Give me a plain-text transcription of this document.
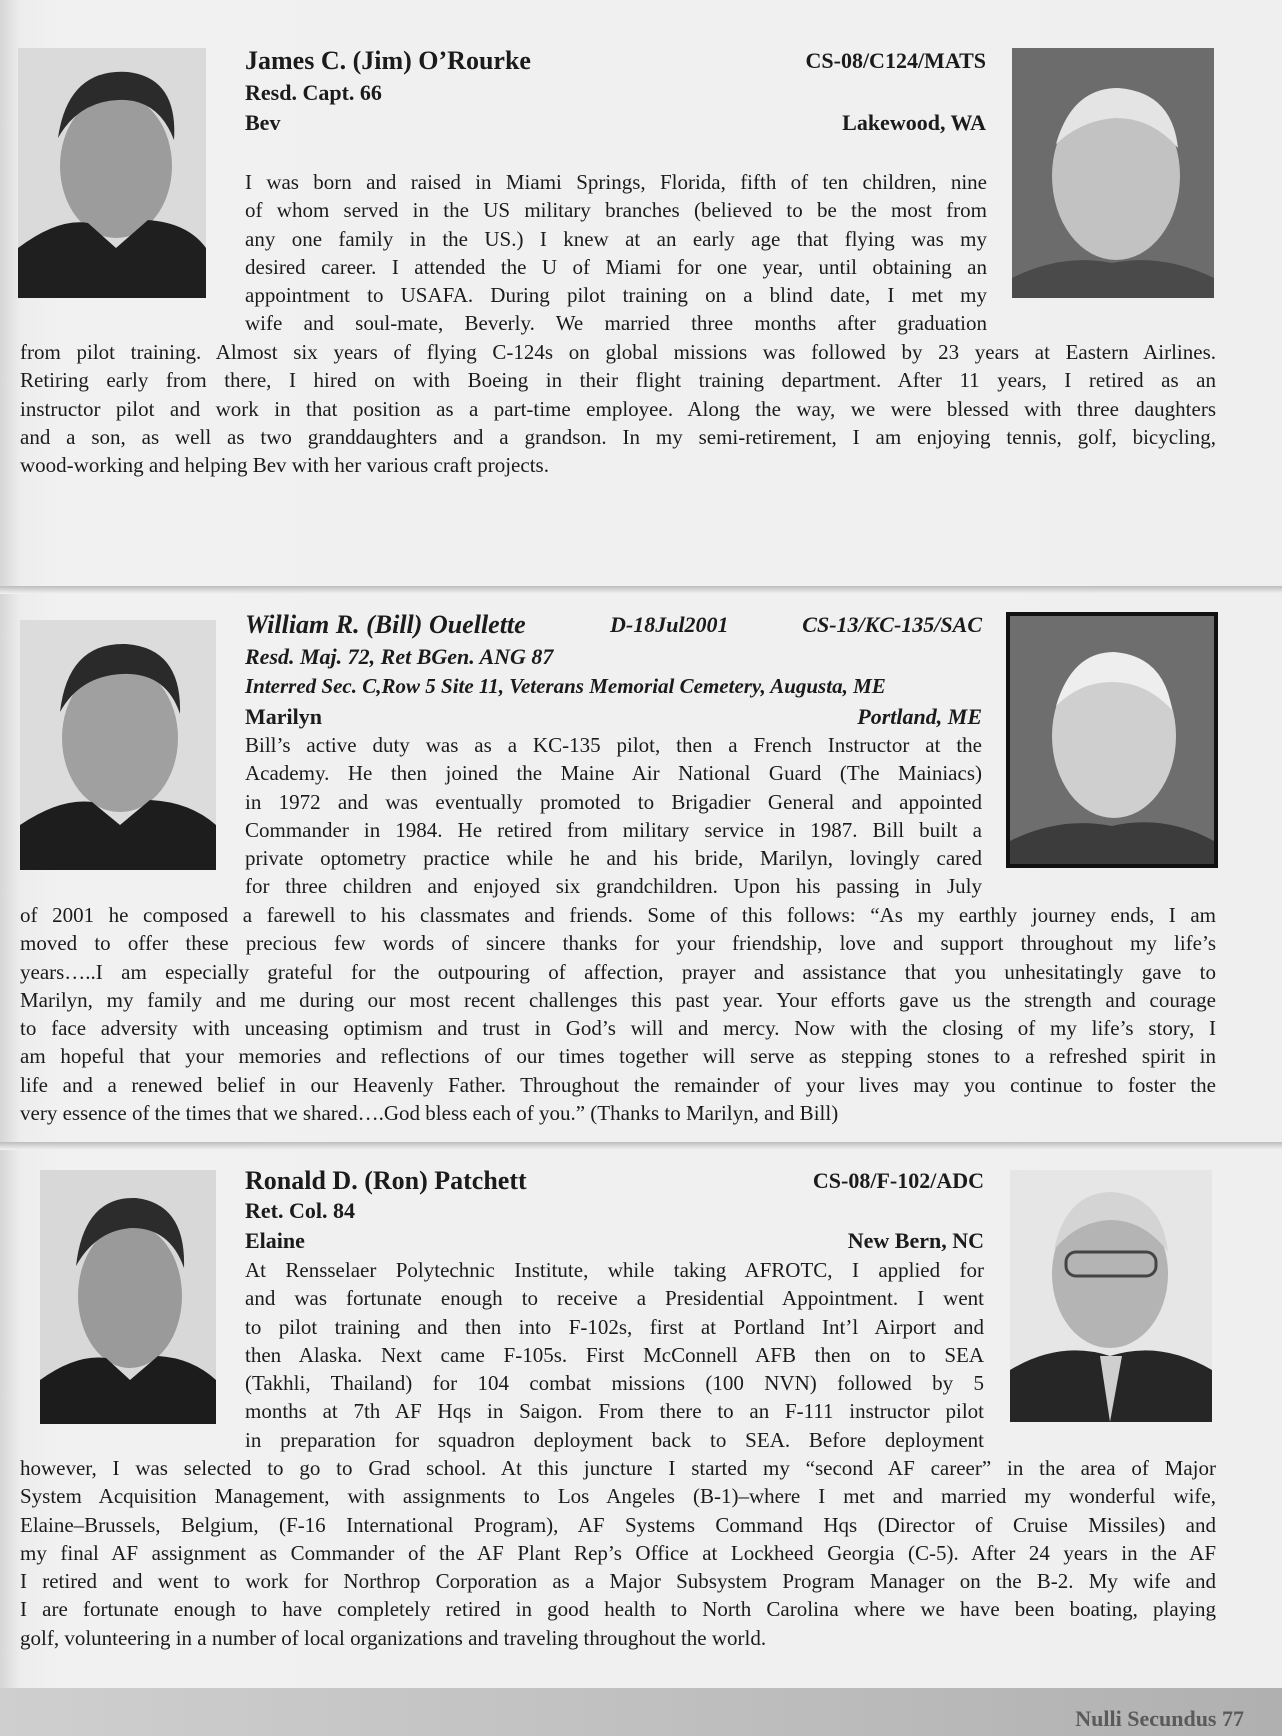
James C. (Jim) O’Rourke	CS-08/C124/MATS
Resd. Capt. 66
Bev	Lakewood, WA
I was born and raised in Miami Springs, Florida, fifth of ten children, nine
of whom served in the US military branches (believed to be the most from
any one family in the US.) I knew at an early age that flying was my
desired career. I attended the U of Miami for one year, until obtaining an
appointment to USAFA. During pilot training on a blind date, I met my
wife and soul-mate, Beverly. We married three months after graduation
from pilot training. Almost six years of flying C-124s on global missions was followed by 23 years at Eastern Airlines.
Retiring early from there, I hired on with Boeing in their flight training department. After 11 years, I retired as an
instructor pilot and work in that position as a part-time employee. Along the way, we were blessed with three daughters
and a son, as well as two granddaughters and a grandson. In my semi-retirement, I am enjoying tennis, golf, bicycling,
wood-working and helping Bev with her various craft projects.
William R. (Bill) Ouellette	D-18Jul2001	CS-13/KC-135/SAC
Resd. Maj. 72, Ret BGen. ANG 87
Interred Sec. C,Row 5 Site 11, Veterans Memorial Cemetery, Augusta, ME
Marilyn	Portland, ME
Bill’s active duty was as a KC-135 pilot, then a French Instructor at the
Academy. He then joined the Maine Air National Guard (The Mainiacs)
in 1972 and was eventually promoted to Brigadier General and appointed
Commander in 1984. He retired from military service in 1987. Bill built a
private optometry practice while he and his bride, Marilyn, lovingly cared
for three children and enjoyed six grandchildren. Upon his passing in July
of 2001 he composed a farewell to his classmates and friends. Some of this follows: “As my earthly journey ends, I am
moved to offer these precious few words of sincere thanks for your friendship, love and support throughout my life’s
years…..I am especially grateful for the outpouring of affection, prayer and assistance that you unhesitatingly gave to
Marilyn, my family and me during our most recent challenges this past year. Your efforts gave us the strength and courage
to face adversity with unceasing optimism and trust in God’s will and mercy. Now with the closing of my life’s story, I
am hopeful that your memories and reflections of our times together will serve as stepping stones to a refreshed spirit in
life and a renewed belief in our Heavenly Father. Throughout the remainder of your lives may you continue to foster the
very essence of the times that we shared….God bless each of you.” (Thanks to Marilyn, and Bill)
Ronald D. (Ron) Patchett	CS-08/F-102/ADC
Ret. Col. 84
Elaine	New Bern, NC
At Rensselaer Polytechnic Institute, while taking AFROTC, I applied for
and was fortunate enough to receive a Presidential Appointment. I went
to pilot training and then into F-102s, first at Portland Int’l Airport and
then Alaska. Next came F-105s. First McConnell AFB then on to SEA
(Takhli, Thailand) for 104 combat missions (100 NVN) followed by 5
months at 7th AF Hqs in Saigon. From there to an F-111 instructor pilot
in preparation for squadron deployment back to SEA. Before deployment
however, I was selected to go to Grad school. At this juncture I started my “second AF career” in the area of Major
System Acquisition Management, with assignments to Los Angeles (B-1)–where I met and married my wonderful wife,
Elaine–Brussels, Belgium, (F-16 International Program), AF Systems Command Hqs (Director of Cruise Missiles) and
my final AF assignment as Commander of the AF Plant Rep’s Office at Lockheed Georgia (C-5). After 24 years in the AF
I retired and went to work for Northrop Corporation as a Major Subsystem Program Manager on the B-2. My wife and
I are fortunate enough to have completely retired in good health to North Carolina where we have been boating, playing
golf, volunteering in a number of local organizations and traveling throughout the world.
Nulli Secundus 77
